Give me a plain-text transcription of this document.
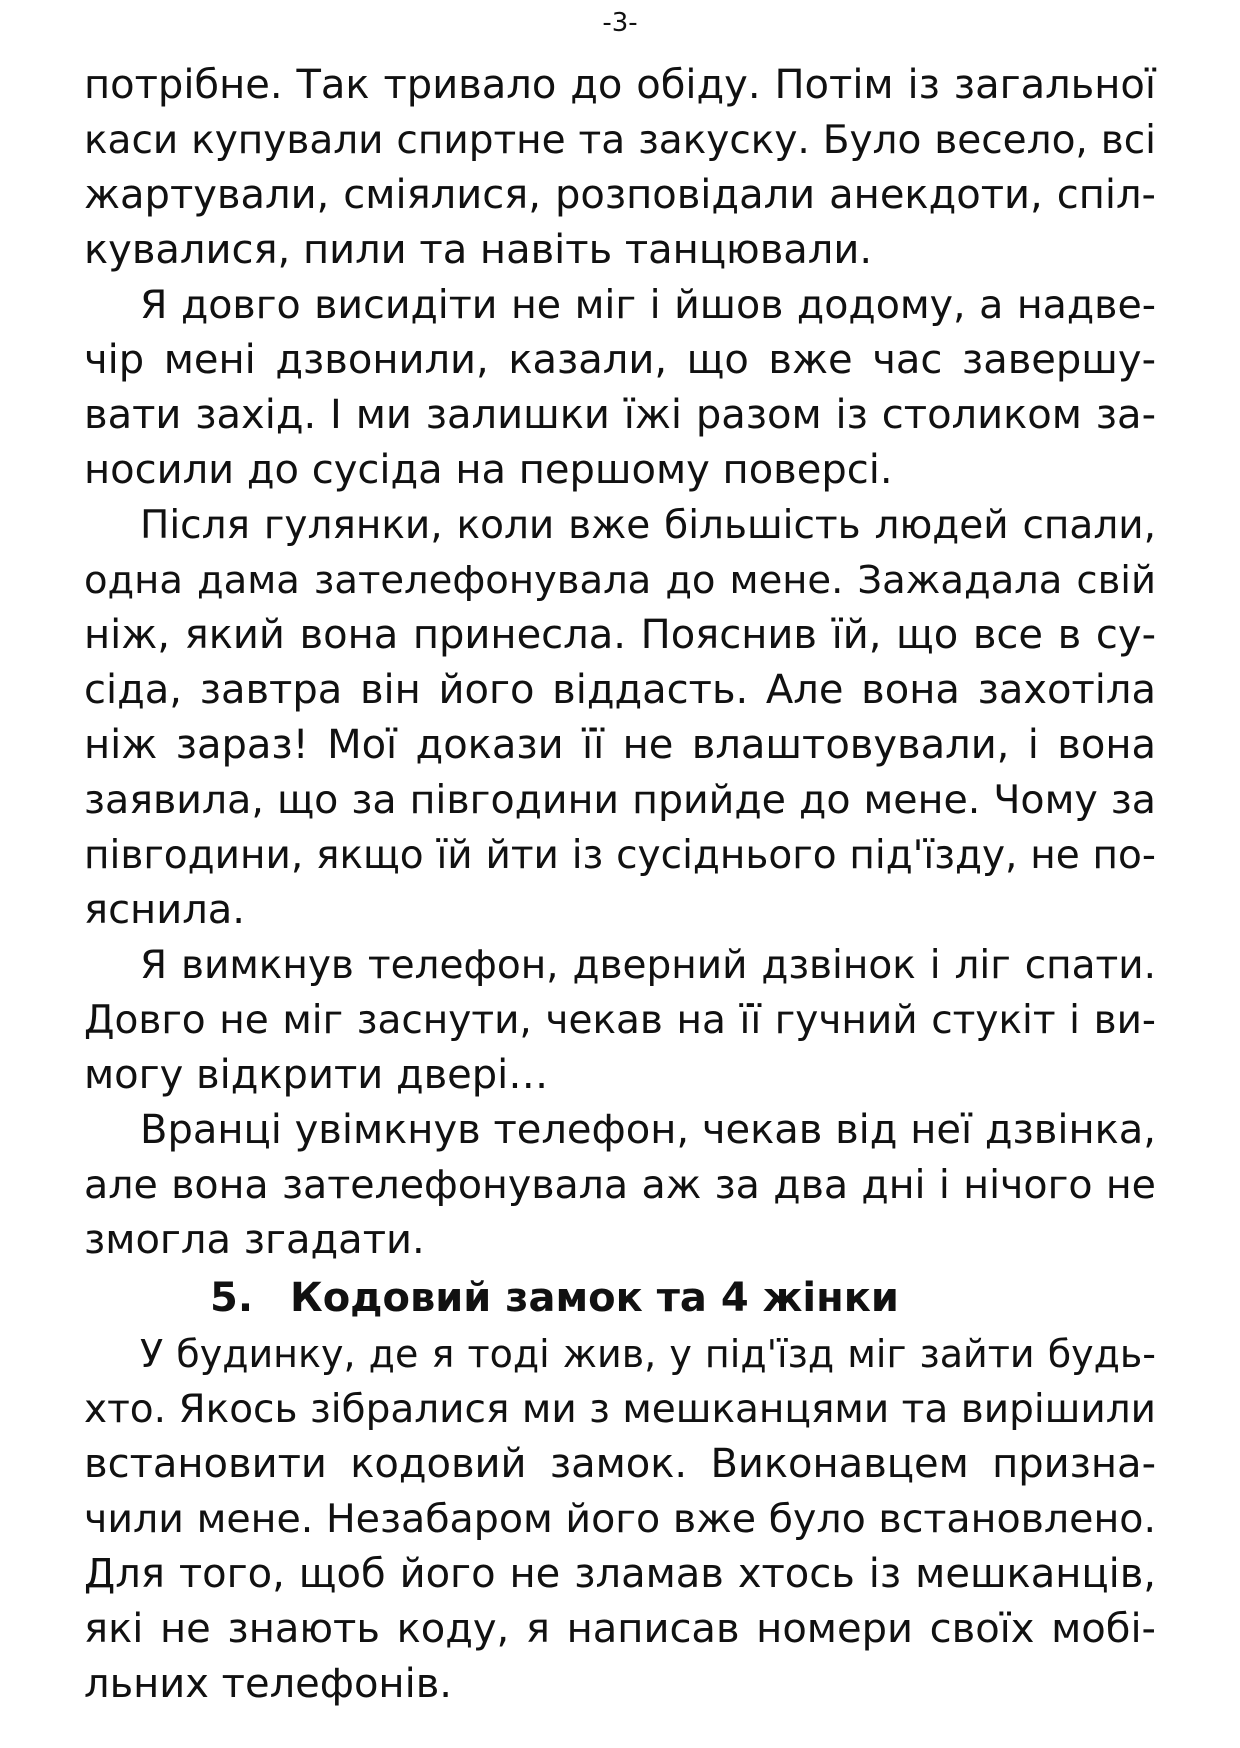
-3-
потрібне. Так тривало до обіду. Потім із загальної
каси купували спиртне та закуску. Було весело, всі
жартували, сміялися, розповідали анекдоти, спіл-
кувалися, пили та навіть танцювали.
Я довго висидіти не міг і йшов додому, а надве-
чір мені дзвонили, казали, що вже час завершу-
вати захід. І ми залишки їжі разом із столиком за-
носили до сусіда на першому поверсі.
Після гулянки, коли вже більшість людей спали,
одна дама зателефонувала до мене. Зажадала свій
ніж, який вона принесла. Пояснив їй, що все в су-
сіда, завтра він його віддасть. Але вона захотіла
ніж зараз! Мої докази її не влаштовували, і вона
заявила, що за півгодини прийде до мене. Чому за
півгодини, якщо їй йти із сусіднього під'їзду, не по-
яснила.
Я вимкнув телефон, дверний дзвінок і ліг спати.
Довго не міг заснути, чекав на її гучний стукіт і ви-
могу відкрити двері…
Вранці увімкнув телефон, чекав від неї дзвінка,
але вона зателефонувала аж за два дні і нічого не
змогла згадати.
5. Кодовий замок та 4 жінки
У будинку, де я тоді жив, у під'їзд міг зайти будь-
хто. Якось зібралися ми з мешканцями та вирішили
встановити кодовий замок. Виконавцем призна-
чили мене. Незабаром його вже було встановлено.
Для того, щоб його не зламав хтось із мешканців,
які не знають коду, я написав номери своїх мобі-
льних телефонів.
